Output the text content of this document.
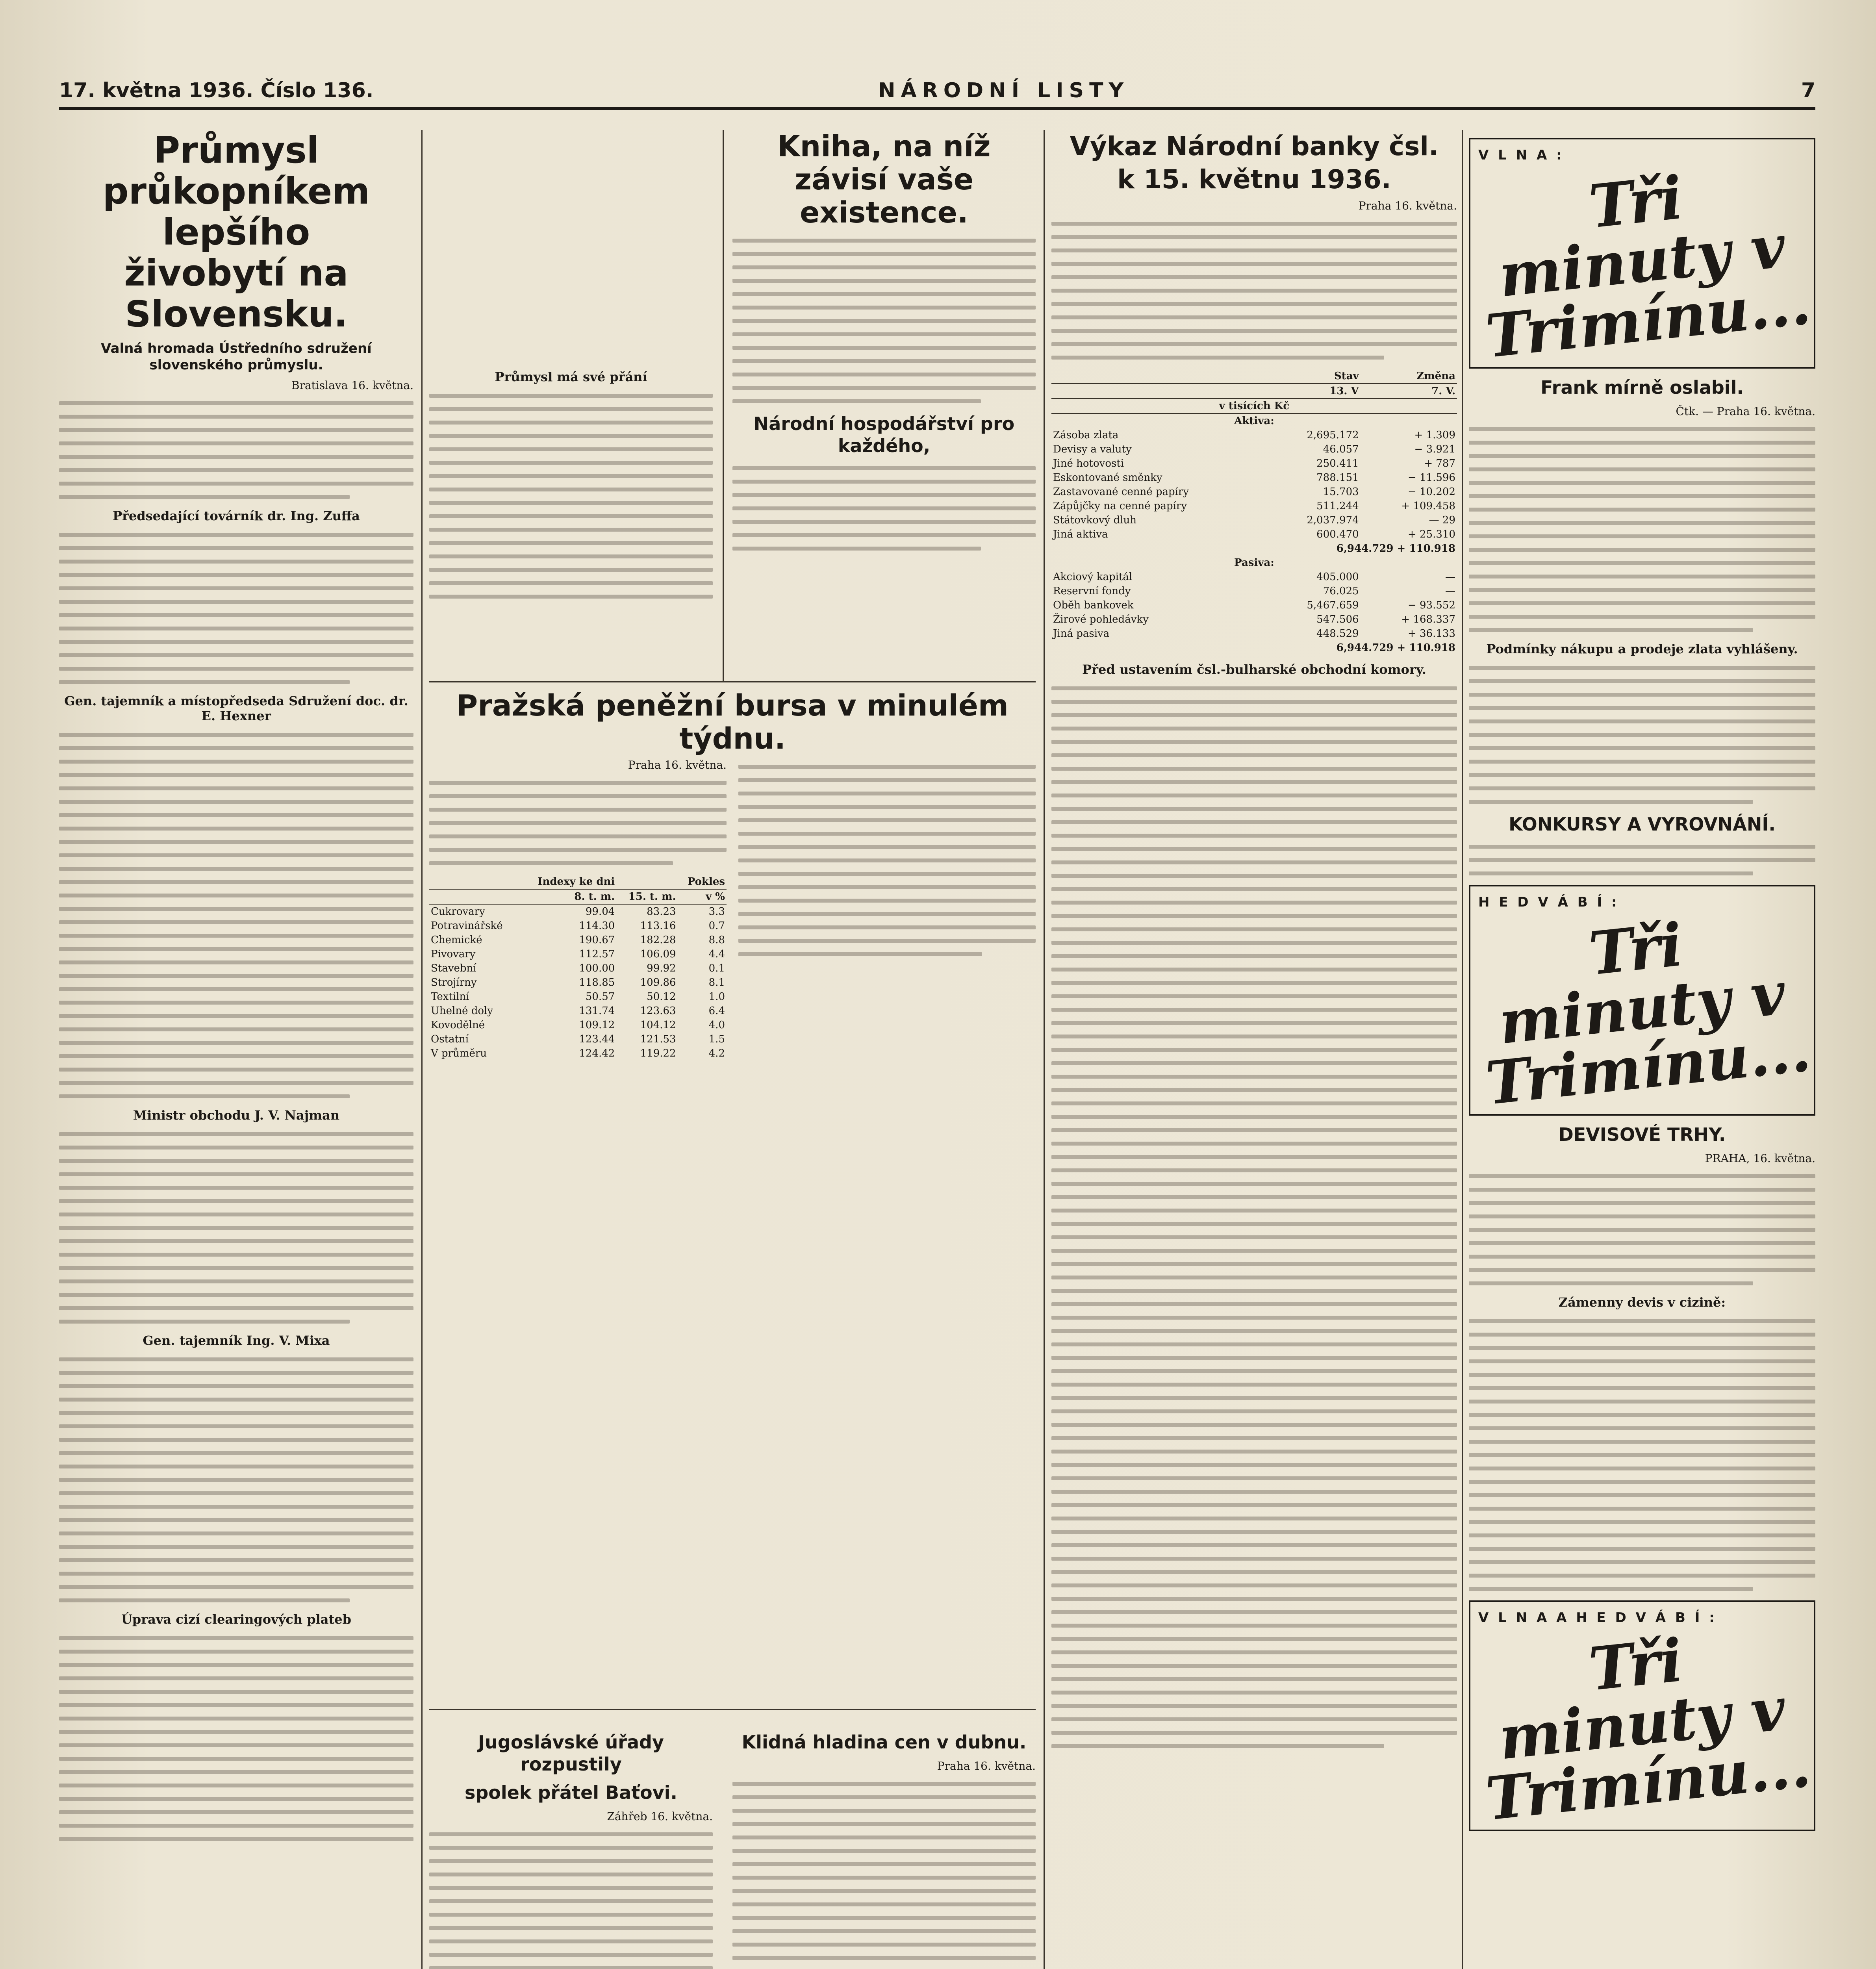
17. května 1936. Číslo 136.	NÁRODNÍ LISTY	7
Průmysl průkopníkem lepšího
živobytí na Slovensku.
Valná hromada Ústředního sdružení slovenského průmyslu.
Bratislava 16. května.
Předsedající továrník dr. Ing. Zuffa
Gen. tajemník a místopředseda Sdružení doc. dr. E. Hexner
Ministr obchodu J. V. Najman
Gen. tajemník Ing. V. Mixa
Úprava cizí clearingových plateb
Průmysl má své přání
Kniha, na níž závisí vaše
existence.
Národní hospodářství pro každého,
Pražská peněžní bursa v minulém týdnu.
Praha 16. května.
	Indexy ke dni		Pokles
	8. t. m.	15. t. m.	v %
Cukrovary	99.04	83.23	3.3
Potravinářské	114.30	113.16	0.7
Chemické	190.67	182.28	8.8
Pivovary	112.57	106.09	4.4
Stavební	100.00	99.92	0.1
Strojírny	118.85	109.86	8.1
Textilní	50.57	50.12	1.0
Uhelné doly	131.74	123.63	6.4
Kovodělné	109.12	104.12	4.0
Ostatní	123.44	121.53	1.5
V průměru	124.42	119.22	4.2
Jugoslávské úřady rozpustily
spolek přátel Baťovi.
Záhřeb 16. května.
Klidná hladina cen v dubnu.
Praha 16. května.
Výkaz Národní banky čsl.
k 15. květnu 1936.
Praha 16. května.
	Stav	Změna
	13. V	7. V.
v tisících Kč		
Aktiva:		
Zásoba zlata	2,695.172	+ 1.309
Devisy a valuty	46.057	− 3.921
Jiné hotovosti	250.411	+ 787
Eskontované směnky	788.151	− 11.596
Zastavované cenné papíry	15.703	− 10.202
Zápůjčky na cenné papíry	511.244	+ 109.458
Státovkový dluh	2,037.974	— 29
Jiná aktiva	600.470	+ 25.310
	6,944.729 + 110.918	
Pasiva:		
Akciový kapitál	405.000	—
Reservní fondy	76.025	—
Oběh bankovek	5,467.659	− 93.552
Žirové pohledávky	547.506	+ 168.337
Jiná pasiva	448.529	+ 36.133
	6,944.729 + 110.918	
Před ustavením čsl.-bulharské obchodní komory.
V L N A :
Tři minuty v Trimínu...
Frank mírně oslabil.
Čtk. — Praha 16. května.
Podmínky nákupu a prodeje zlata vyhlášeny.
KONKURSY A VYROVNÁNÍ.
H E D V Á B Í :
Tři minuty v Trimínu...
DEVISOVÉ TRHY.
PRAHA, 16. května.
Zámenny devis v cizině:
V L N A A H E D V Á B Í :
Tři minuty v Trimínu...
